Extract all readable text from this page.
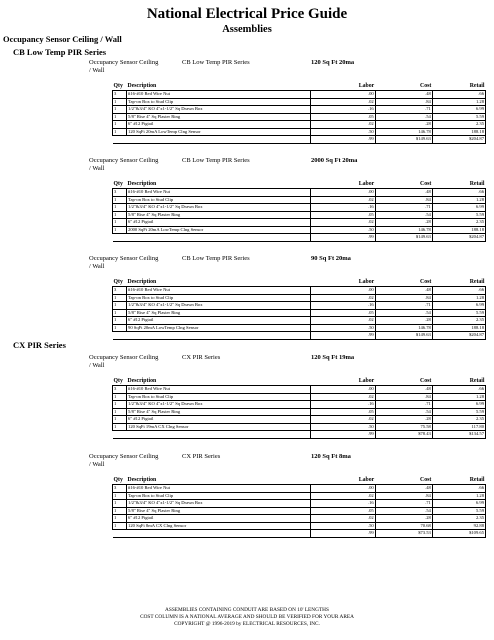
National Electrical Price Guide
Assemblies
Occupancy Sensor Ceiling / Wall
CB Low Temp PIR Series
CX PIR Series
Occupancy Sensor Ceiling / Wall
CB Low Temp PIR Series	120 Sq Ft 20ma
Qty	Description	Labor	Cost	Retail
3	#16-#10 Red Wire Nut	.00	.48	.66
1	Tap-on Box to Stud Clip	.02	.84	1.28
1	1/2"&3/4" KO 4"x1-1/2" Sq Drawn Box	.16	.71	6.99
1	5/8" Rise 4" Sq Plaster Ring	.05	.54	5.59
1	6" #12 Pigtail	.02	.28	2.35
1	120 SqFt 20mA LowTemp Clng Sensor	.50	146.78	188.18
		.99	$149.63	$204.87
Occupancy Sensor Ceiling / Wall
CB Low Temp PIR Series	2000 Sq Ft 20ma
Qty	Description	Labor	Cost	Retail
3	#16-#10 Red Wire Nut	.00	.48	.66
1	Tap-on Box to Stud Clip	.02	.84	1.28
1	1/2"&3/4" KO 4"x1-1/2" Sq Drawn Box	.16	.71	6.99
1	5/8" Rise 4" Sq Plaster Ring	.05	.54	5.59
1	6" #12 Pigtail	.02	.28	2.35
1	2000 SqFt 20mA LowTemp Clng Sensor	.50	146.78	188.18
		.99	$149.63	$204.87
Occupancy Sensor Ceiling / Wall
CB Low Temp PIR Series	90 Sq Ft 20ma
Qty	Description	Labor	Cost	Retail
3	#16-#10 Red Wire Nut	.00	.48	.66
1	Tap-on Box to Stud Clip	.02	.84	1.28
1	1/2"&3/4" KO 4"x1-1/2" Sq Drawn Box	.16	.71	6.99
1	5/8" Rise 4" Sq Plaster Ring	.05	.54	5.59
1	6" #12 Pigtail	.02	.28	2.35
1	90 SqFt 20mA LowTemp Clng Sensor	.50	146.78	188.18
		.99	$149.63	$204.87
Occupancy Sensor Ceiling / Wall
CX PIR Series	120 Sq Ft 19ma
Qty	Description	Labor	Cost	Retail
3	#16-#10 Red Wire Nut	.00	.48	.66
1	Tap-on Box to Stud Clip	.02	.84	1.28
1	1/2"&3/4" KO 4"x1-1/2" Sq Drawn Box	.16	.71	6.99
1	5/8" Rise 4" Sq Plaster Ring	.05	.54	5.59
1	6" #12 Pigtail	.02	.28	2.35
1	120 SqFt 19mA CX Clng Sensor	.50	75.58	117.80
		.99	$78.43	$134.57
Occupancy Sensor Ceiling / Wall
CX PIR Series	120 Sq Ft 8ma
Qty	Description	Labor	Cost	Retail
3	#16-#10 Red Wire Nut	.00	.48	.66
1	Tap-on Box to Stud Clip	.02	.84	1.28
1	1/2"&3/4" KO 4"x1-1/2" Sq Drawn Box	.16	.71	6.99
1	5/8" Rise 4" Sq Plaster Ring	.05	.54	5.59
1	6" #12 Pigtail	.02	.28	2.35
1	120 SqFt 8mA CX Clng Sensor	.50	70.68	92.88
		.99	$73.53	$109.65
ASSEMBLIES CONTAINING CONDUIT ARE BASED ON 10' LENGTHS
COST COLUMN IS A NATIONAL AVERAGE AND SHOULD BE VERIFIED FOR YOUR AREA
COPYRIGHT @ 1996-2019 by ELECTRICAL RESOURCES, INC.
